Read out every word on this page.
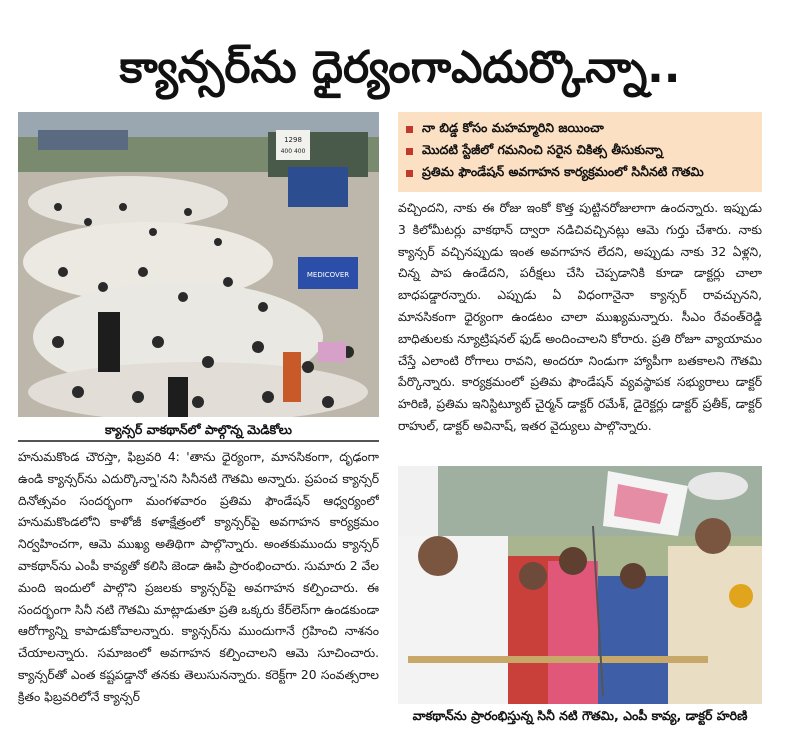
క్యాన్సర్‌ను ధైర్యంగాఎదుర్కొన్నా..
1298
400 400
MEDICOVER
క్యాన్సర్ వాకథాన్‌లో పాల్గొన్న మెడికోలు
నా బిడ్డ కోసం మహమ్మారిని జయించా
మొదటి స్టేజీలో గమనించి సరైన చికిత్స తీసుకున్నా
ప్రతిమ ఫౌండేషన్ అవగాహన కార్యక్రమంలో సినీనటి గౌతమి

వచ్చిందని, నాకు ఈ రోజు ఇంకో కొత్త పుట్టినరోజులాగా ఉందన్నారు. ఇప్పుడు 3 కిలోమీటర్లు వాకథాన్ ద్వారా నడిచివచ్చినట్లు ఆమె గుర్తు చేశారు. నాకు క్యాన్సర్ వచ్చినప్పుడు ఇంత అవగాహన లేదని, అప్పుడు నాకు 32 ఏళ్లని, చిన్న పాప ఉండేదని, పరీక్షలు చేసి చెప్పడానికి కూడా డాక్టర్లు చాలా బాధపడ్డారన్నారు. ఎప్పుడు ఏ విధంగానైనా క్యాన్సర్ రావచ్చునని, మానసికంగా ధైర్యంగా ఉండటం చాలా ముఖ్యమన్నారు. సీఎం రేవంత్‌రెడ్డి బాధితులకు న్యూట్రిషనల్ ఫుడ్ అందించాలని కోరారు. ప్రతి రోజూ వ్యాయామం చేస్తే ఎలాంటి రోగాలు రావని, అందరూ నిండుగా హ్యాపీగా బతకాలని గౌతమి పేర్కొన్నారు. కార్యక్రమంలో ప్రతిమ ఫౌండేషన్ వ్యవస్థాపక సభ్యురాలు డాక్టర్ హరిణి, ప్రతిమ ఇనిస్టిట్యూట్ చైర్మన్ డాక్టర్ రమేశ్, డైరెక్టర్లు డాక్టర్ ప్రతీక్, డాక్టర్ రాహుల్, డాక్టర్ అవినాష్, ఇతర వైద్యులు పాల్గొన్నారు.

హనుమకొండ చౌరస్తా, ఫిబ్రవరి 4: 'తాను ధైర్యంగా, మానసికంగా, దృఢంగా ఉండి క్యాన్సర్‌ను ఎదుర్కొన్నా'నని సినీనటి గౌతమి అన్నారు. ప్రపంచ క్యాన్సర్ దినోత్సవం సందర్భంగా మంగళవారం ప్రతిమ ఫౌండేషన్ ఆధ్వర్యంలో హనుమకొండలోని కాళోజీ కళాక్షేత్రంలో క్యాన్సర్‌పై అవగాహన కార్యక్రమం నిర్వహించగా, ఆమె ముఖ్య అతిథిగా పాల్గొన్నారు. అంతకుముందు క్యాన్సర్ వాకథాన్‌ను ఎంపీ కావ్యతో కలిసి జెండా ఊపి ప్రారంభించారు. సుమారు 2 వేల మంది ఇందులో పాల్గొని ప్రజలకు క్యాన్సర్‌పై అవగాహన కల్పించారు. ఈ సందర్భంగా సినీ నటి గౌతమి మాట్లాడుతూ ప్రతి ఒక్కరు కేర్‌లెస్‌గా ఉండకుండా ఆరోగ్యాన్ని కాపాడుకోవాలన్నారు. క్యాన్సర్‌ను ముందుగానే గ్రహించి నాశనం చేయాలన్నారు. సమాజంలో అవగాహన కల్పించాలని ఆమె సూచించారు. క్యాన్సర్‌తో ఎంత కష్టపడ్డానో తనకు తెలుసునన్నారు. కరెక్ట్‌గా 20 సంవత్సరాల క్రితం ఫిబ్రవరిలోనే క్యాన్సర్

వాకథాన్‌ను ప్రారంభిస్తున్న సినీ నటి గౌతమి, ఎంపీ కావ్య, డాక్టర్ హరిణి
